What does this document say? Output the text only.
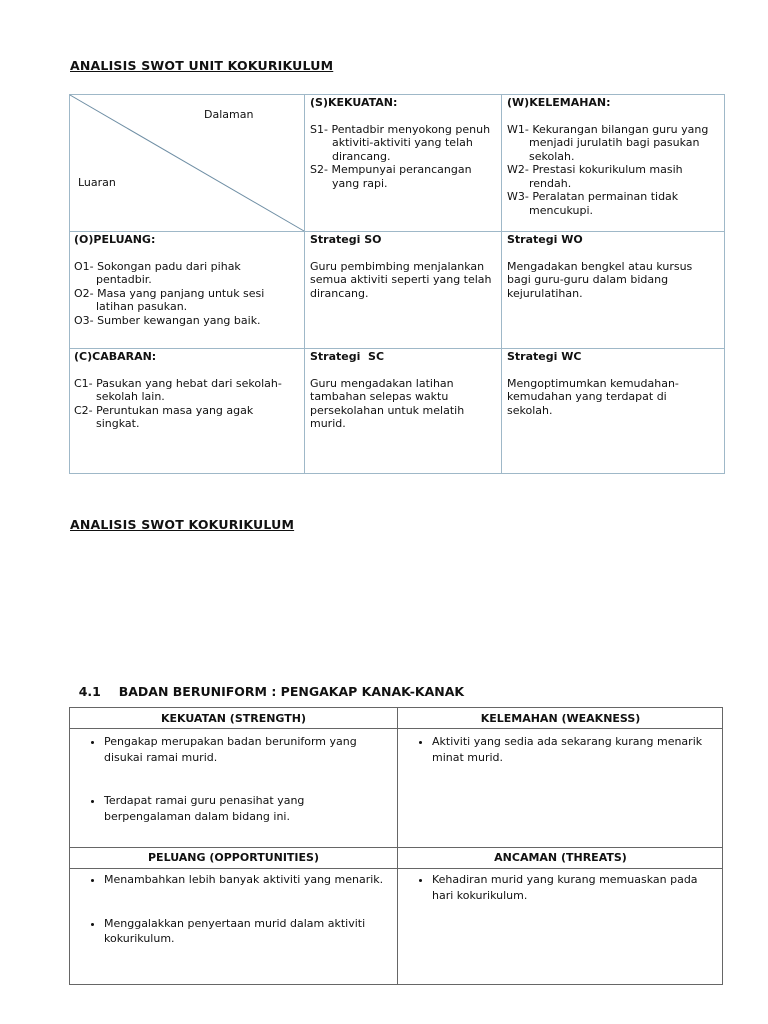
ANALISIS SWOT UNIT KOKURIKULUM
Dalaman
Luaran
(S)KEKUATAN:

S1- Pentadbir menyokong penuh aktiviti-aktiviti yang telah dirancang.

S2- Mempunyai perancangan yang rapi.

(W)KELEMAHAN:

W1- Kekurangan bilangan guru yang menjadi jurulatih bagi pasukan sekolah.

W2- Prestasi kokurikulum masih rendah.

W3- Peralatan permainan tidak mencukupi.

(O)PELUANG:

O1- Sokongan padu dari pihak pentadbir.

O2- Masa yang panjang untuk sesi latihan pasukan.

O3- Sumber kewangan yang baik.

Strategi SO

Guru pembimbing menjalankan semua aktiviti seperti yang telah dirancang.

Strategi WO

Mengadakan bengkel atau kursus bagi guru-guru dalam bidang kejurulatihan.

(C)CABARAN:

C1- Pasukan yang hebat dari sekolah-sekolah lain.

C2- Peruntukan masa yang agak singkat.

Strategi  SC

Guru mengadakan latihan tambahan selepas waktu persekolahan untuk melatih murid.

Strategi WC

Mengoptimumkan kemudahan-
kemudahan yang terdapat di
sekolah.

ANALISIS SWOT KOKURIKULUM

4.1 BADAN BERUNIFORM : PENGAKAP KANAK-KANAK

KEKUATAN (STRENGTH)	KELEMAHAN (WEAKNESS)
PELUANG (OPPORTUNITIES)	ANCAMAN (THREATS)
• Pengakap merupakan badan beruniform yang disukai ramai murid.
• Terdapat ramai guru penasihat yang berpengalaman dalam bidang ini.
• Aktiviti yang sedia ada sekarang kurang menarik minat murid.
• Menambahkan lebih banyak aktiviti yang menarik.
• Menggalakkan penyertaan murid dalam aktiviti kokurikulum.
• Kehadiran murid yang kurang memuaskan pada hari kokurikulum.
